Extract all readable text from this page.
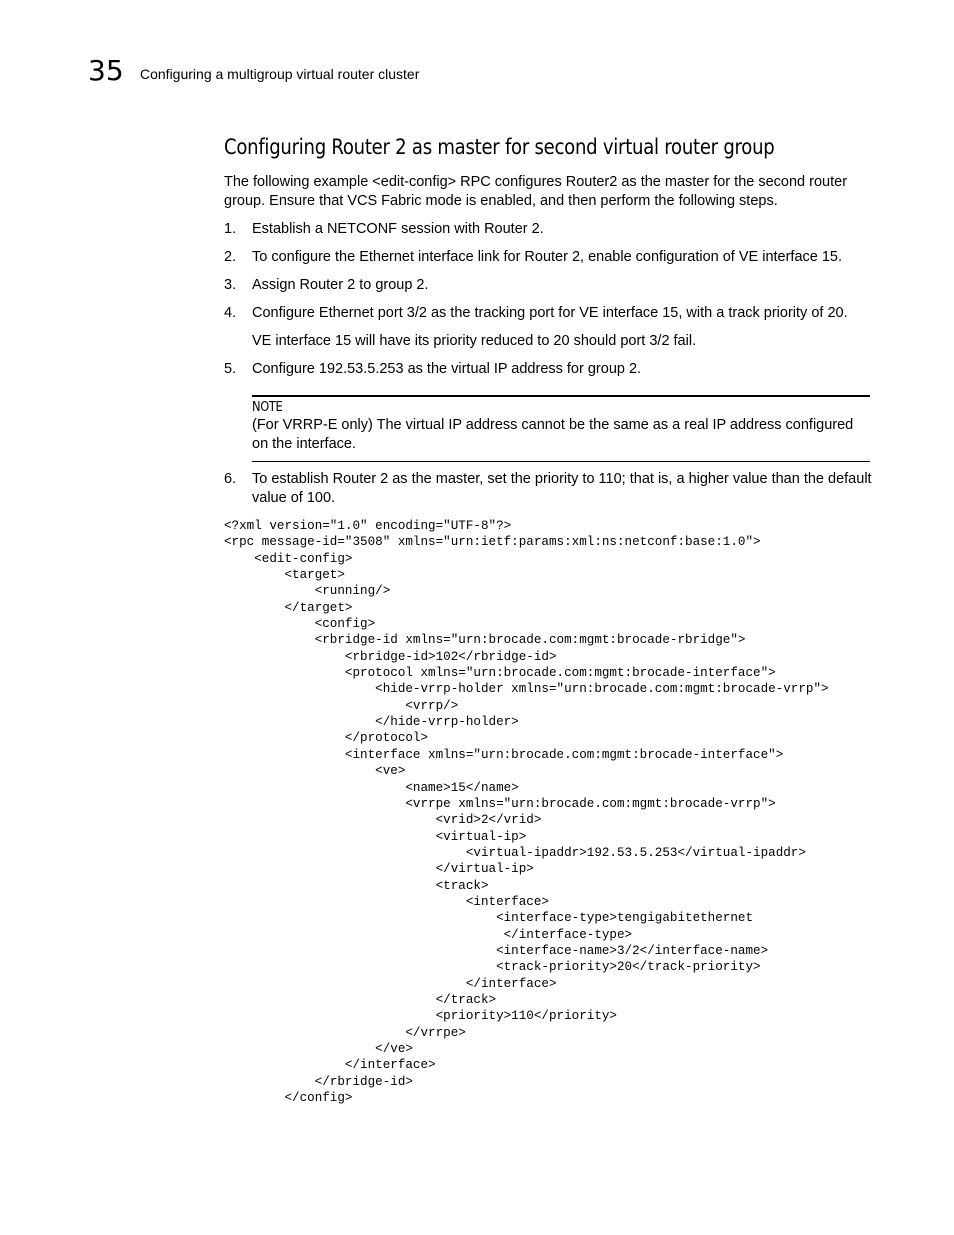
35 Configuring a multigroup virtual router cluster
Configuring Router 2 as master for second virtual router group

The following example <edit-config> RPC configures Router2 as the master for the second router group. Ensure that VCS Fabric mode is enabled, and then perform the following steps.

1. Establish a NETCONF session with Router 2.
2. To configure the Ethernet interface link for Router 2, enable configuration of VE interface 15.
3. Assign Router 2 to group 2.
4. Configure Ethernet port 3/2 as the tracking port for VE interface 15, with a track priority of 20.
VE interface 15 will have its priority reduced to 20 should port 3/2 fail.
5. Configure 192.53.5.253 as the virtual IP address for group 2.
NOTE
(For VRRP-E only) The virtual IP address cannot be the same as a real IP address configured on the interface.
6. To establish Router 2 as the master, set the priority to 110; that is, a higher value than the default value of 100.
<?xml version="1.0" encoding="UTF-8"?>
<rpc message-id="3508" xmlns="urn:ietf:params:xml:ns:netconf:base:1.0">
<edit-config>
<target>
<running/>
</target>
<config>
<rbridge-id xmlns="urn:brocade.com:mgmt:brocade-rbridge">
<rbridge-id>102</rbridge-id>
<protocol xmlns="urn:brocade.com:mgmt:brocade-interface">
<hide-vrrp-holder xmlns="urn:brocade.com:mgmt:brocade-vrrp">
<vrrp/>
</hide-vrrp-holder>
</protocol>
<interface xmlns="urn:brocade.com:mgmt:brocade-interface">
<ve>
<name>15</name>
<vrrpe xmlns="urn:brocade.com:mgmt:brocade-vrrp">
<vrid>2</vrid>
<virtual-ip>
<virtual-ipaddr>192.53.5.253</virtual-ipaddr>
</virtual-ip>
<track>
<interface>
<interface-type>tengigabitethernet
</interface-type>
<interface-name>3/2</interface-name>
<track-priority>20</track-priority>
</interface>
</track>
<priority>110</priority>
</vrrpe>
</ve>
</interface>
</rbridge-id>
</config>
